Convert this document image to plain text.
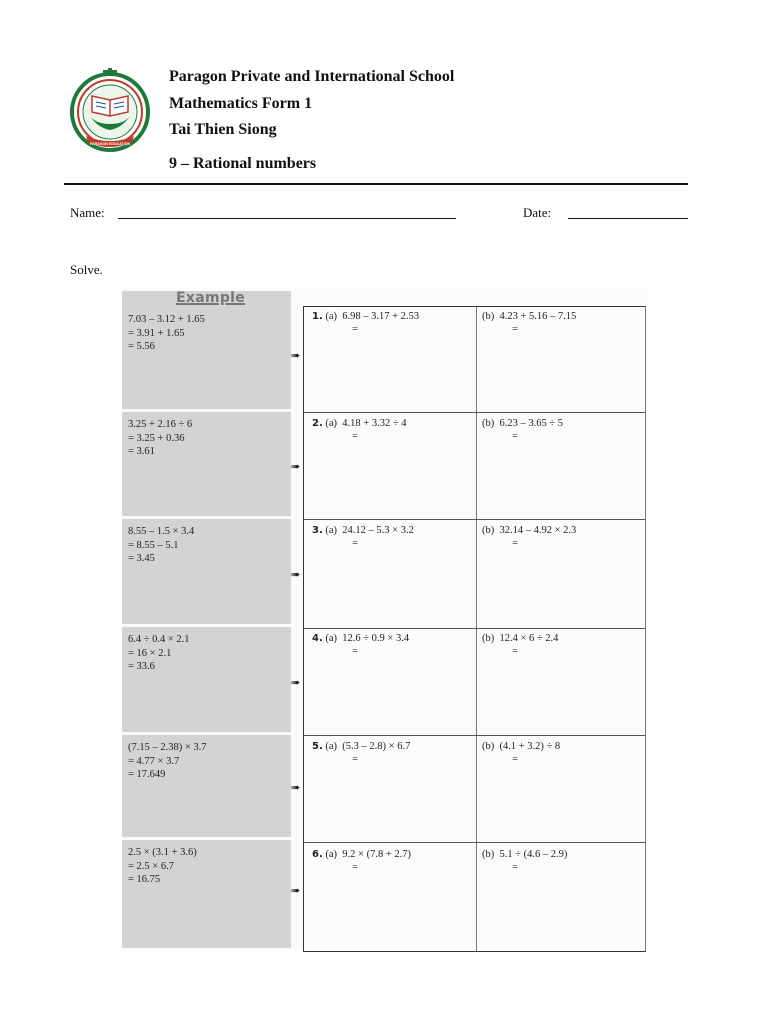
PARAGON EDUCATION
Paragon Private and International School
Mathematics Form 1
Tai Thien Siong
9 – Rational numbers
Name:	Date:
Solve.
7.03 – 3.12 + 1.65
= 3.91 + 1.65
= 5.56
3.25 + 2.16 ÷ 6
= 3.25 + 0.36
= 3.61
8.55 – 1.5 × 3.4
= 8.55 – 5.1
= 3.45
6.4 ÷ 0.4 × 2.1
= 16 × 2.1
= 33.6
(7.15 – 2.38) × 3.7
= 4.77 × 3.7
= 17.649
2.5 × (3.1 + 3.6)
= 2.5 × 6.7
= 16.75
Example
➠
➠
➠
➠
➠
➠
1. (a) 6.98 – 3.17 + 2.53
=
(b) 4.23 + 5.16 – 7.15
=
2. (a) 4.18 + 3.32 ÷ 4
=
(b) 6.23 – 3.65 ÷ 5
=
3. (a) 24.12 – 5.3 × 3.2
=
(b) 32.14 – 4.92 × 2.3
=
4. (a) 12.6 ÷ 0.9 × 3.4
=
(b) 12.4 × 6 ÷ 2.4
=
5. (a) (5.3 – 2.8) × 6.7
=
(b) (4.1 + 3.2) ÷ 8
=
6. (a) 9.2 × (7.8 + 2.7)
=
(b) 5.1 ÷ (4.6 – 2.9)
=
